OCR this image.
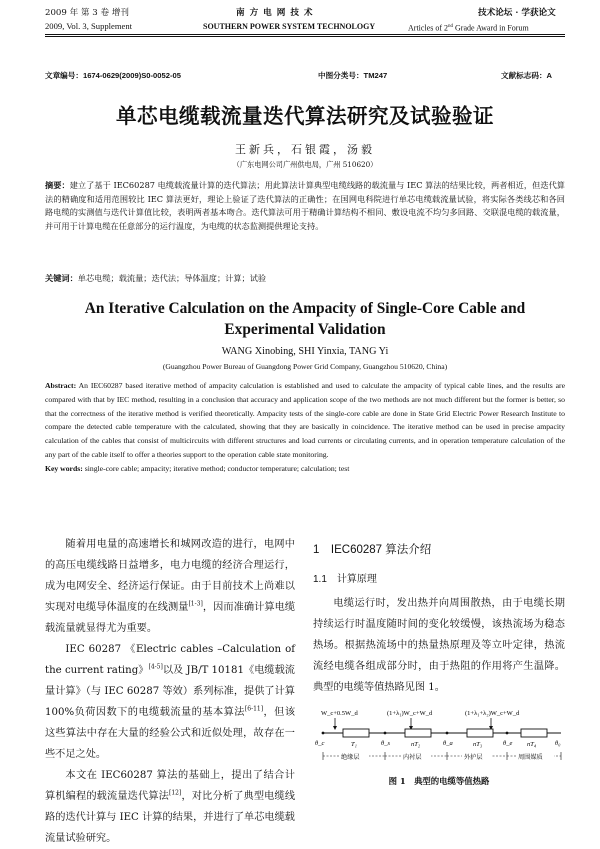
2009 年 第 3 卷 增刊
2009, Vol. 3, Supplement
南 方 电 网 技 术
SOUTHERN POWER SYSTEM TECHNOLOGY
技术论坛 · 学获论文
Articles of 2nd Grade Award in Forum
文章编号：1674-0629(2009)S0-0052-05	中图分类号：TM247	文献标志码：A
单芯电缆载流量迭代算法研究及试验验证
王新兵，石银霞，汤毅
（广东电网公司广州供电局，广州 510620）
摘要：建立了基于 IEC60287 电缆载流量计算的迭代算法；用此算法计算典型电缆线路的载流量与 IEC 算法的结果比较，两者相近，但迭代算法的精确度和适用范围较比 IEC 算法更好，理论上验证了迭代算法的正确性；在国网电科院进行单芯电缆载流量试验，将实际各类线芯和各回路电缆的实测值与迭代计算值比较，表明两者基本吻合。迭代算法可用于精确计算结构不相同、敷设电流不均匀多回路、交联混电缆的载流量，并可用于计算电缆在任意部分的运行温度，为电缆的状态监测提供理论支持。
关键词：单芯电缆；载流量；迭代法；导体温度；计算；试验
An Iterative Calculation on the Ampacity of Single-Core Cable and
Experimental Validation
WANG Xinobing, SHI Yinxia, TANG Yi
(Guangzhou Power Bureau of Guangdong Power Grid Company, Guangzhou 510620, China)
Abstract: An IEC60287 based iterative method of ampacity calculation is established and used to calculate the ampacity of typical cable lines, and the results are compared with that by IEC method, resulting in a conclusion that accuracy and application scope of the two methods are not much different but the former is better, so that the correctness of the iterative method is verified theoretically. Ampacity tests of the single-core cable are done in State Grid Electric Power Research Institute to compare the detected cable temperature with the calculated, showing that they are basically in coincidence. The iterative method can be used in precise ampacity calculation of the cables that consist of multicircuits with different structures and load currents or circulating currents, and in operation temperature calculation of the any part of the cable itself to offer a theories support to the operation cable state monitoring.
Key words: single-core cable; ampacity; iterative method; conductor temperature; calculation; test

随着用电量的高速增长和城网改造的进行，电网中的高压电缆线路日益增多，电力电缆的经济合理运行，成为电网安全、经济运行保证。由于目前技术上尚难以实现对电缆导体温度的在线测量[1-3]，因而准确计算电缆载流量就显得尤为重要。

IEC 60287 《Electric cables –Calculation of the current rating》[4-5]以及 JB/T 10181《电缆载流量计算》（与 IEC 60287 等效）系列标准，提供了计算 100%负荷因数下的电缆载流量的基本算法[6-11]，但该这些算法中存在大量的经验公式和近似处理，故存在一些不足之处。

本文在 IEC60287 算法的基础上，提出了结合计算机编程的载流量迭代算法[12]，对比分析了典型电缆线路的迭代计算与 IEC 计算的结果，并进行了单芯电缆载流量试验研究。

1　IEC60287 算法介绍
1.1　计算原理

电缆运行时，发出热并向周围散热，由于电缆长期持续运行时温度随时间的变化较缓慢，该热流场为稳态热场。根据热流场中的热量热原理及等立叶定律，热流流经电缆各组成部分时，由于热阻的作用将产生温降。典型的电缆等值热路见图 1。

W_c+0.5W_d	(1+λ₁)W_c+W_d	(1+λ₁+λ₂)W_c+W_d
θ_c	θ_s	θ_a	θ_e	θ₀
T₁	nT₂	nT₃	nT₄
绝缘层	内衬层	外护层	周围媒质
图 1　 典型的电缆等值热路
